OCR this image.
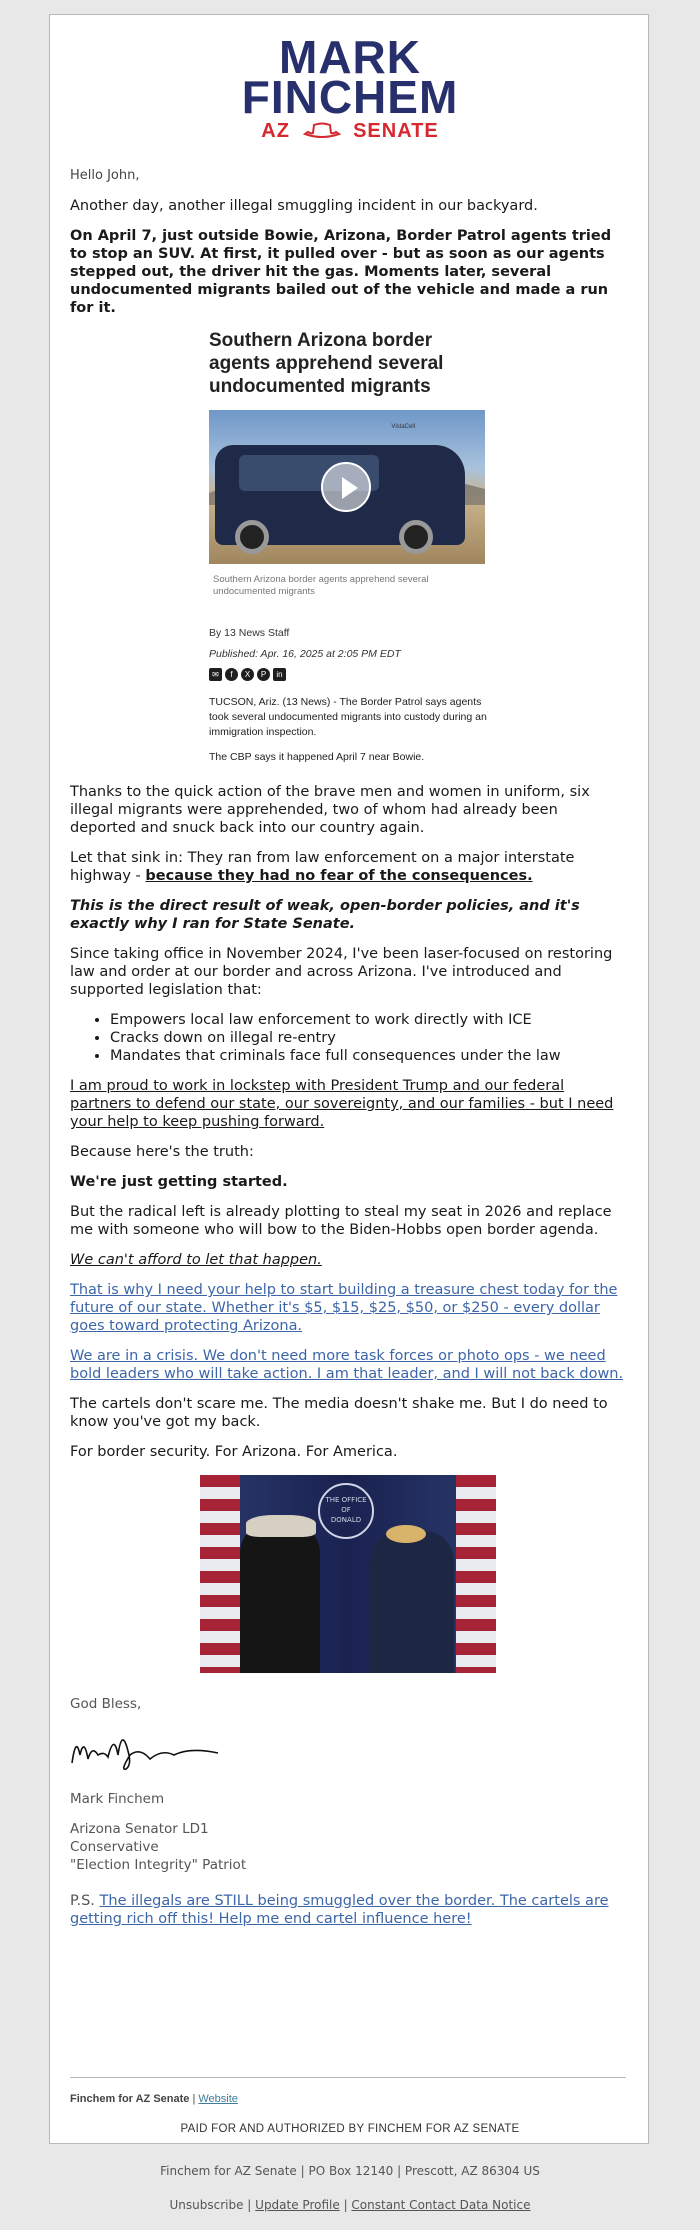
MARK
FINCHEM
AZ	SENATE

Hello John,

Another day, another illegal smuggling incident in our backyard.

On April 7, just outside Bowie, Arizona, Border Patrol agents tried to stop an SUV. At first, it pulled over - but as soon as our agents stepped out, the driver hit the gas. Moments later, several undocumented migrants bailed out of the vehicle and made a run for it.

Southern Arizona border agents apprehend several undocumented migrants
VistaCell
Southern Arizona border agents apprehend several undocumented migrants
By 13 News Staff
Published: Apr. 16, 2025 at 2:05 PM EDT
✉	f	X	P	in

TUCSON, Ariz. (13 News) - The Border Patrol says agents took several undocumented migrants into custody during an immigration inspection.

The CBP says it happened April 7 near Bowie.

Thanks to the quick action of the brave men and women in uniform, six illegal migrants were apprehended, two of whom had already been deported and snuck back into our country again.

Let that sink in: They ran from law enforcement on a major interstate highway - because they had no fear of the consequences.

This is the direct result of weak, open-border policies, and it's exactly why I ran for State Senate.

Since taking office in November 2024, I've been laser-focused on restoring law and order at our border and across Arizona. I've introduced and supported legislation that:

• Empowers local law enforcement to work directly with ICE
• Cracks down on illegal re-entry
• Mandates that criminals face full consequences under the law

I am proud to work in lockstep with President Trump and our federal partners to defend our state, our sovereignty, and our families - but I need your help to keep pushing forward.

Because here's the truth:

We're just getting started.

But the radical left is already plotting to steal my seat in 2026 and replace me with someone who will bow to the Biden-Hobbs open border agenda.

We can't afford to let that happen.

That is why I need your help to start building a treasure chest today for the future of our state. Whether it's $5, $15, $25, $50, or $250 - every dollar goes toward protecting Arizona.

We are in a crisis. We don't need more task forces or photo ops - we need bold leaders who will take action. I am that leader, and I will not back down.

The cartels don't scare me. The media doesn't shake me. But I do need to know you've got my back.

For border security. For Arizona. For America.

THE OFFICE OF
DONALD

God Bless,

Mark Finchem

Arizona Senator LD1
Conservative
"Election Integrity" Patriot

P.S. The illegals are STILL being smuggled over the border. The cartels are getting rich off this! Help me end cartel influence here!

Finchem for AZ Senate | Website
PAID FOR AND AUTHORIZED BY FINCHEM FOR AZ SENATE
Finchem for AZ Senate | PO Box 12140 | Prescott, AZ 86304 US
Unsubscribe | Update Profile | Constant Contact Data Notice
